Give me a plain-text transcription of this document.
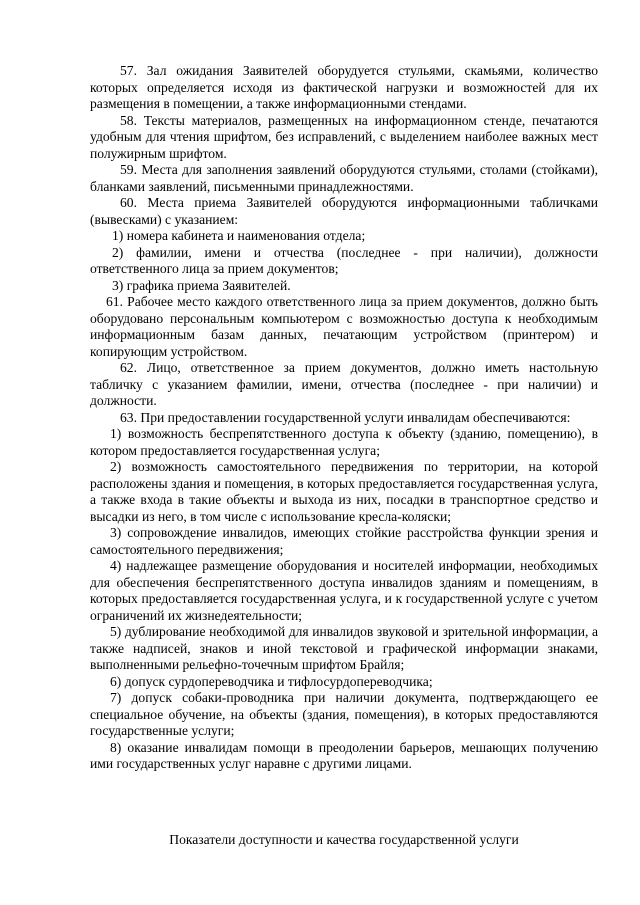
57. Зал ожидания Заявителей оборудуется стульями, скамьями, количество которых определяется исходя из фактической нагрузки и возможностей для их размещения в помещении, а также информационными стендами.

58. Тексты материалов, размещенных на информационном стенде, печатаются удобным для чтения шрифтом, без исправлений, с выделением наиболее важных мест полужирным шрифтом.

59. Места для заполнения заявлений оборудуются стульями, столами (стойками), бланками заявлений, письменными принадлежностями.

60. Места приема Заявителей оборудуются информационными табличками (вывесками) с указанием:

1) номера кабинета и наименования отдела;

2) фамилии, имени и отчества (последнее - при наличии), должности ответственного лица за прием документов;

3) графика приема Заявителей.

61. Рабочее место каждого ответственного лица за прием документов, должно быть оборудовано персональным компьютером с возможностью доступа к необходимым информационным базам данных, печатающим устройством (принтером) и копирующим устройством.

62. Лицо, ответственное за прием документов, должно иметь настольную табличку с указанием фамилии, имени, отчества (последнее - при наличии) и должности.

63. При предоставлении государственной услуги инвалидам обеспечиваются:

1) возможность беспрепятственного доступа к объекту (зданию, помещению), в котором предоставляется государственная услуга;

2) возможность самостоятельного передвижения по территории, на которой расположены здания и помещения, в которых предоставляется государственная услуга, а также входа в такие объекты и выхода из них, посадки в транспортное средство и высадки из него, в том числе с использование кресла-коляски;

3) сопровождение инвалидов, имеющих стойкие расстройства функции зрения и самостоятельного передвижения;

4) надлежащее размещение оборудования и носителей информации, необходимых для обеспечения беспрепятственного доступа инвалидов зданиям и помещениям, в которых предоставляется государственная услуга, и к государственной услуге с учетом ограничений их жизнедеятельности;

5) дублирование необходимой для инвалидов звуковой и зрительной информации, а также надписей, знаков и иной текстовой и графической информации знаками, выполненными рельефно-точечным шрифтом Брайля;

6) допуск сурдопереводчика и тифлосурдопереводчика;

7) допуск собаки-проводника при наличии документа, подтверждающего ее специальное обучение, на объекты (здания, помещения), в которых предоставляются государственные услуги;

8) оказание инвалидам помощи в преодолении барьеров, мешающих получению ими государственных услуг наравне с другими лицами.

Показатели доступности и качества государственной услуги
